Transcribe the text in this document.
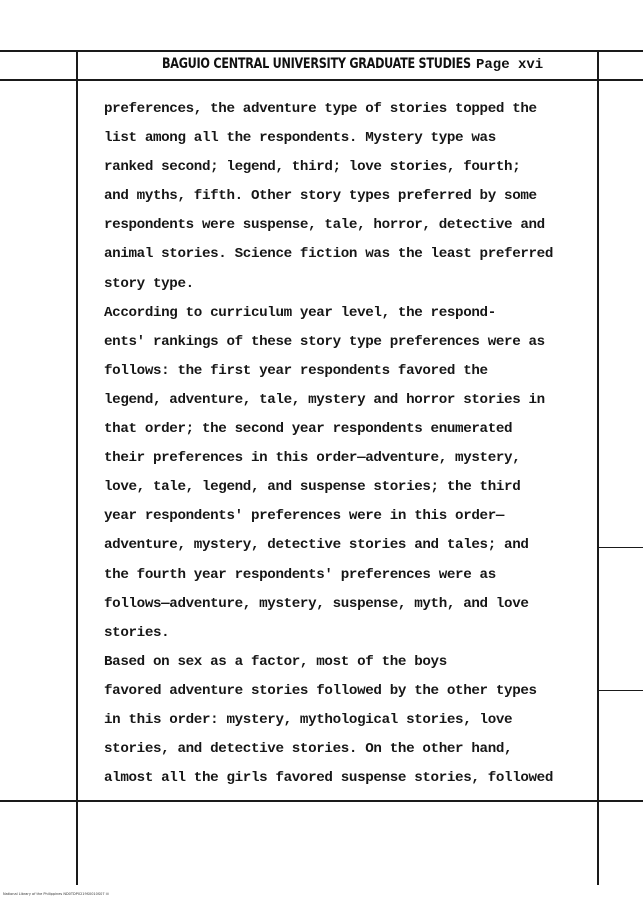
BAGUIO CENTRAL UNIVERSITY GRADUATE STUDIES Page xvi
preferences, the adventure type of stories topped the
list among all the respondents. Mystery type was
ranked second; legend, third; love stories, fourth;
and myths, fifth. Other story types preferred by some
respondents were suspense, tale, horror, detective and
animal stories. Science fiction was the least preferred
story type.
According to curriculum year level, the respond-
ents' rankings of these story type preferences were as
follows: the first year respondents favored the
legend, adventure, tale, mystery and horror stories in
that order; the second year respondents enumerated
their preferences in this order—adventure, mystery,
love, tale, legend, and suspense stories; the third
year respondents' preferences were in this order—
adventure, mystery, detective stories and tales; and
the fourth year respondents' preferences were as
follows—adventure, mystery, suspense, myth, and love
stories.
Based on sex as a factor, most of the boys
favored adventure stories followed by the other types
in this order: mystery, mythological stories, love
stories, and detective stories. On the other hand,
almost all the girls favored suspense stories, followed
National Library of the Philippines ND0TDP0219S0010S07 iii
